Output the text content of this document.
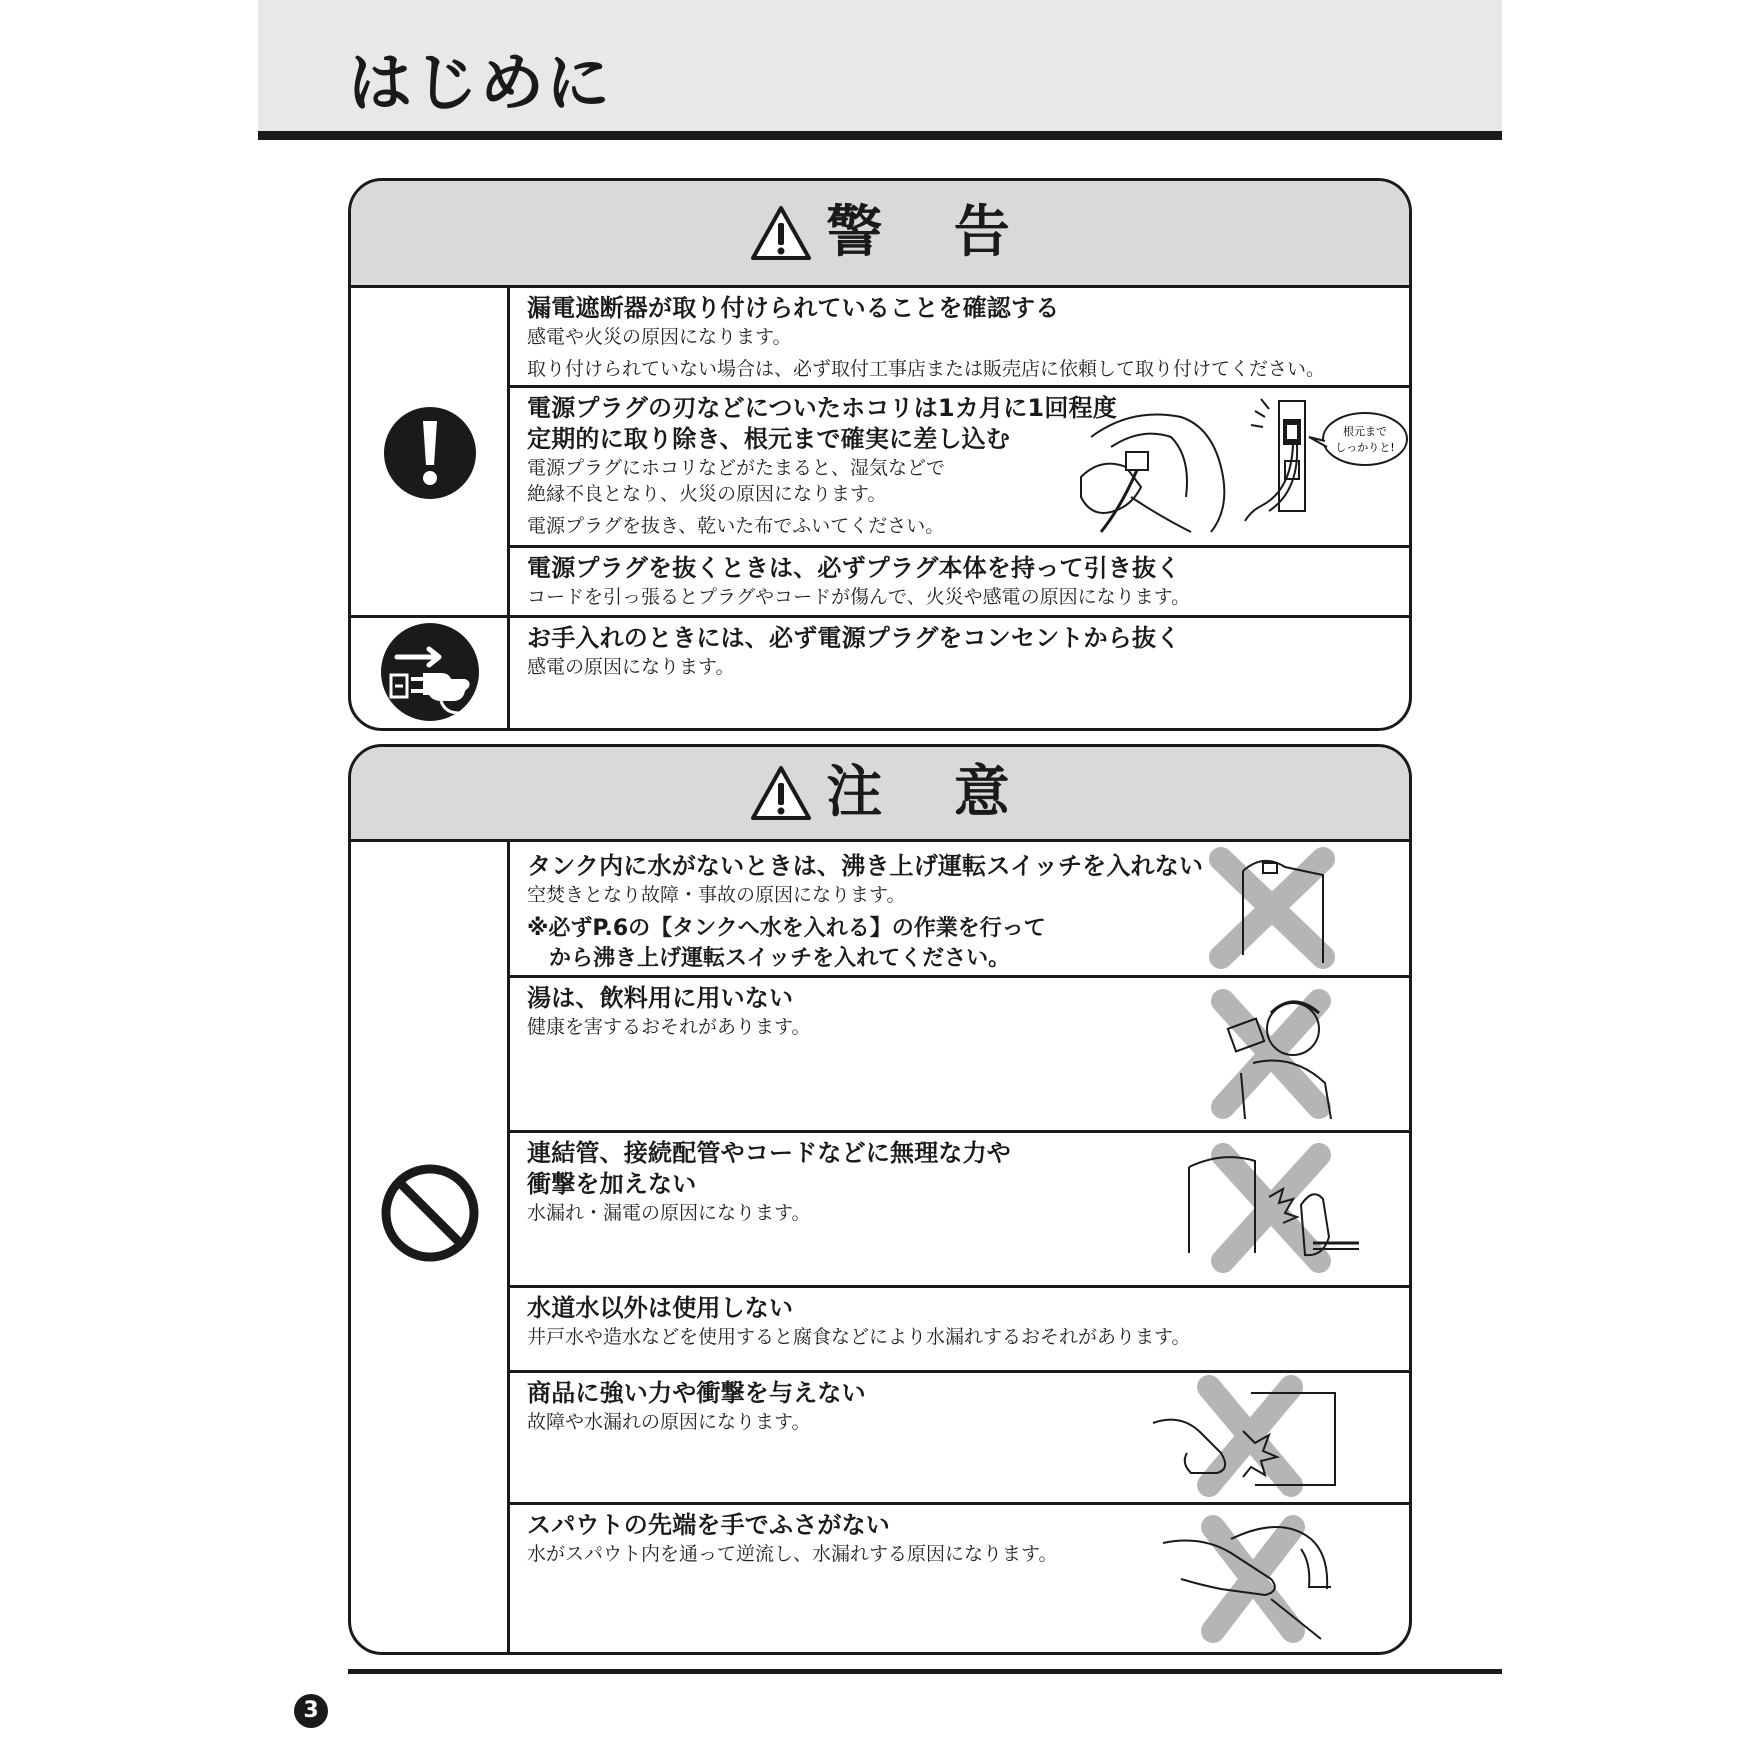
はじめに
警 告
漏電遮断器が取り付けられていることを確認する
感電や火災の原因になります。
取り付けられていない場合は、必ず取付工事店または販売店に依頼して取り付けてください。
電源プラグの刃などについたホコリは1カ月に1回程度
定期的に取り除き、根元まで確実に差し込む
電源プラグにホコリなどがたまると、湿気などで
絶縁不良となり、火災の原因になります。
電源プラグを抜き、乾いた布でふいてください。
根元まで
しっかりと!
電源プラグを抜くときは、必ずプラグ本体を持って引き抜く
コードを引っ張るとプラグやコードが傷んで、火災や感電の原因になります。
お手入れのときには、必ず電源プラグをコンセントから抜く
感電の原因になります。
注 意
タンク内に水がないときは、沸き上げ運転スイッチを入れない
空焚きとなり故障・事故の原因になります。
※必ずP.6の【タンクへ水を入れる】の作業を行って
　から沸き上げ運転スイッチを入れてください。
湯は、飲料用に用いない
健康を害するおそれがあります。
連結管、接続配管やコードなどに無理な力や
衝撃を加えない
水漏れ・漏電の原因になります。
水道水以外は使用しない
井戸水や造水などを使用すると腐食などにより水漏れするおそれがあります。
商品に強い力や衝撃を与えない
故障や水漏れの原因になります。
スパウトの先端を手でふさがない
水がスパウト内を通って逆流し、水漏れする原因になります。
3
